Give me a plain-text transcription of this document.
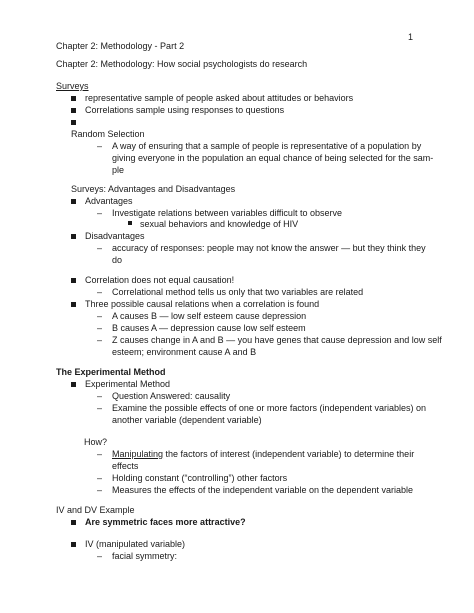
1
Chapter 2: Methodology - Part 2
Chapter 2: Methodology: How social psychologists do research
Surveys
representative sample of people asked about attitudes or behaviors
Correlations sample using responses to questions
Random Selection
– A way of ensuring that a sample of people is representative of a population by
giving everyone in the population an equal chance of being selected for the sam-
ple
Surveys: Advantages and Disadvantages
Advantages
– Investigate relations between variables difficult to observe
sexual behaviors and knowledge of HIV
Disadvantages
– accuracy of responses: people may not know the answer — but they think they
do
Correlation does not equal causation!
– Correlational method tells us only that two variables are related
Three possible causal relations when a correlation is found
– A causes B — low self esteem cause depression
– B causes A — depression cause low self esteem
– Z causes change in A and B — you have genes that cause depression and low self
esteem; environment cause A and B
The Experimental Method
Experimental Method
– Question Answered: causality
– Examine the possible effects of one or more factors (independent variables) on
another variable (dependent variable)
How?
– Manipulating the factors of interest (independent variable) to determine their
effects
– Holding constant (“controlling”) other factors
– Measures the effects of the independent variable on the dependent variable
IV and DV Example
Are symmetric faces more attractive?
IV (manipulated variable)
– facial symmetry:
